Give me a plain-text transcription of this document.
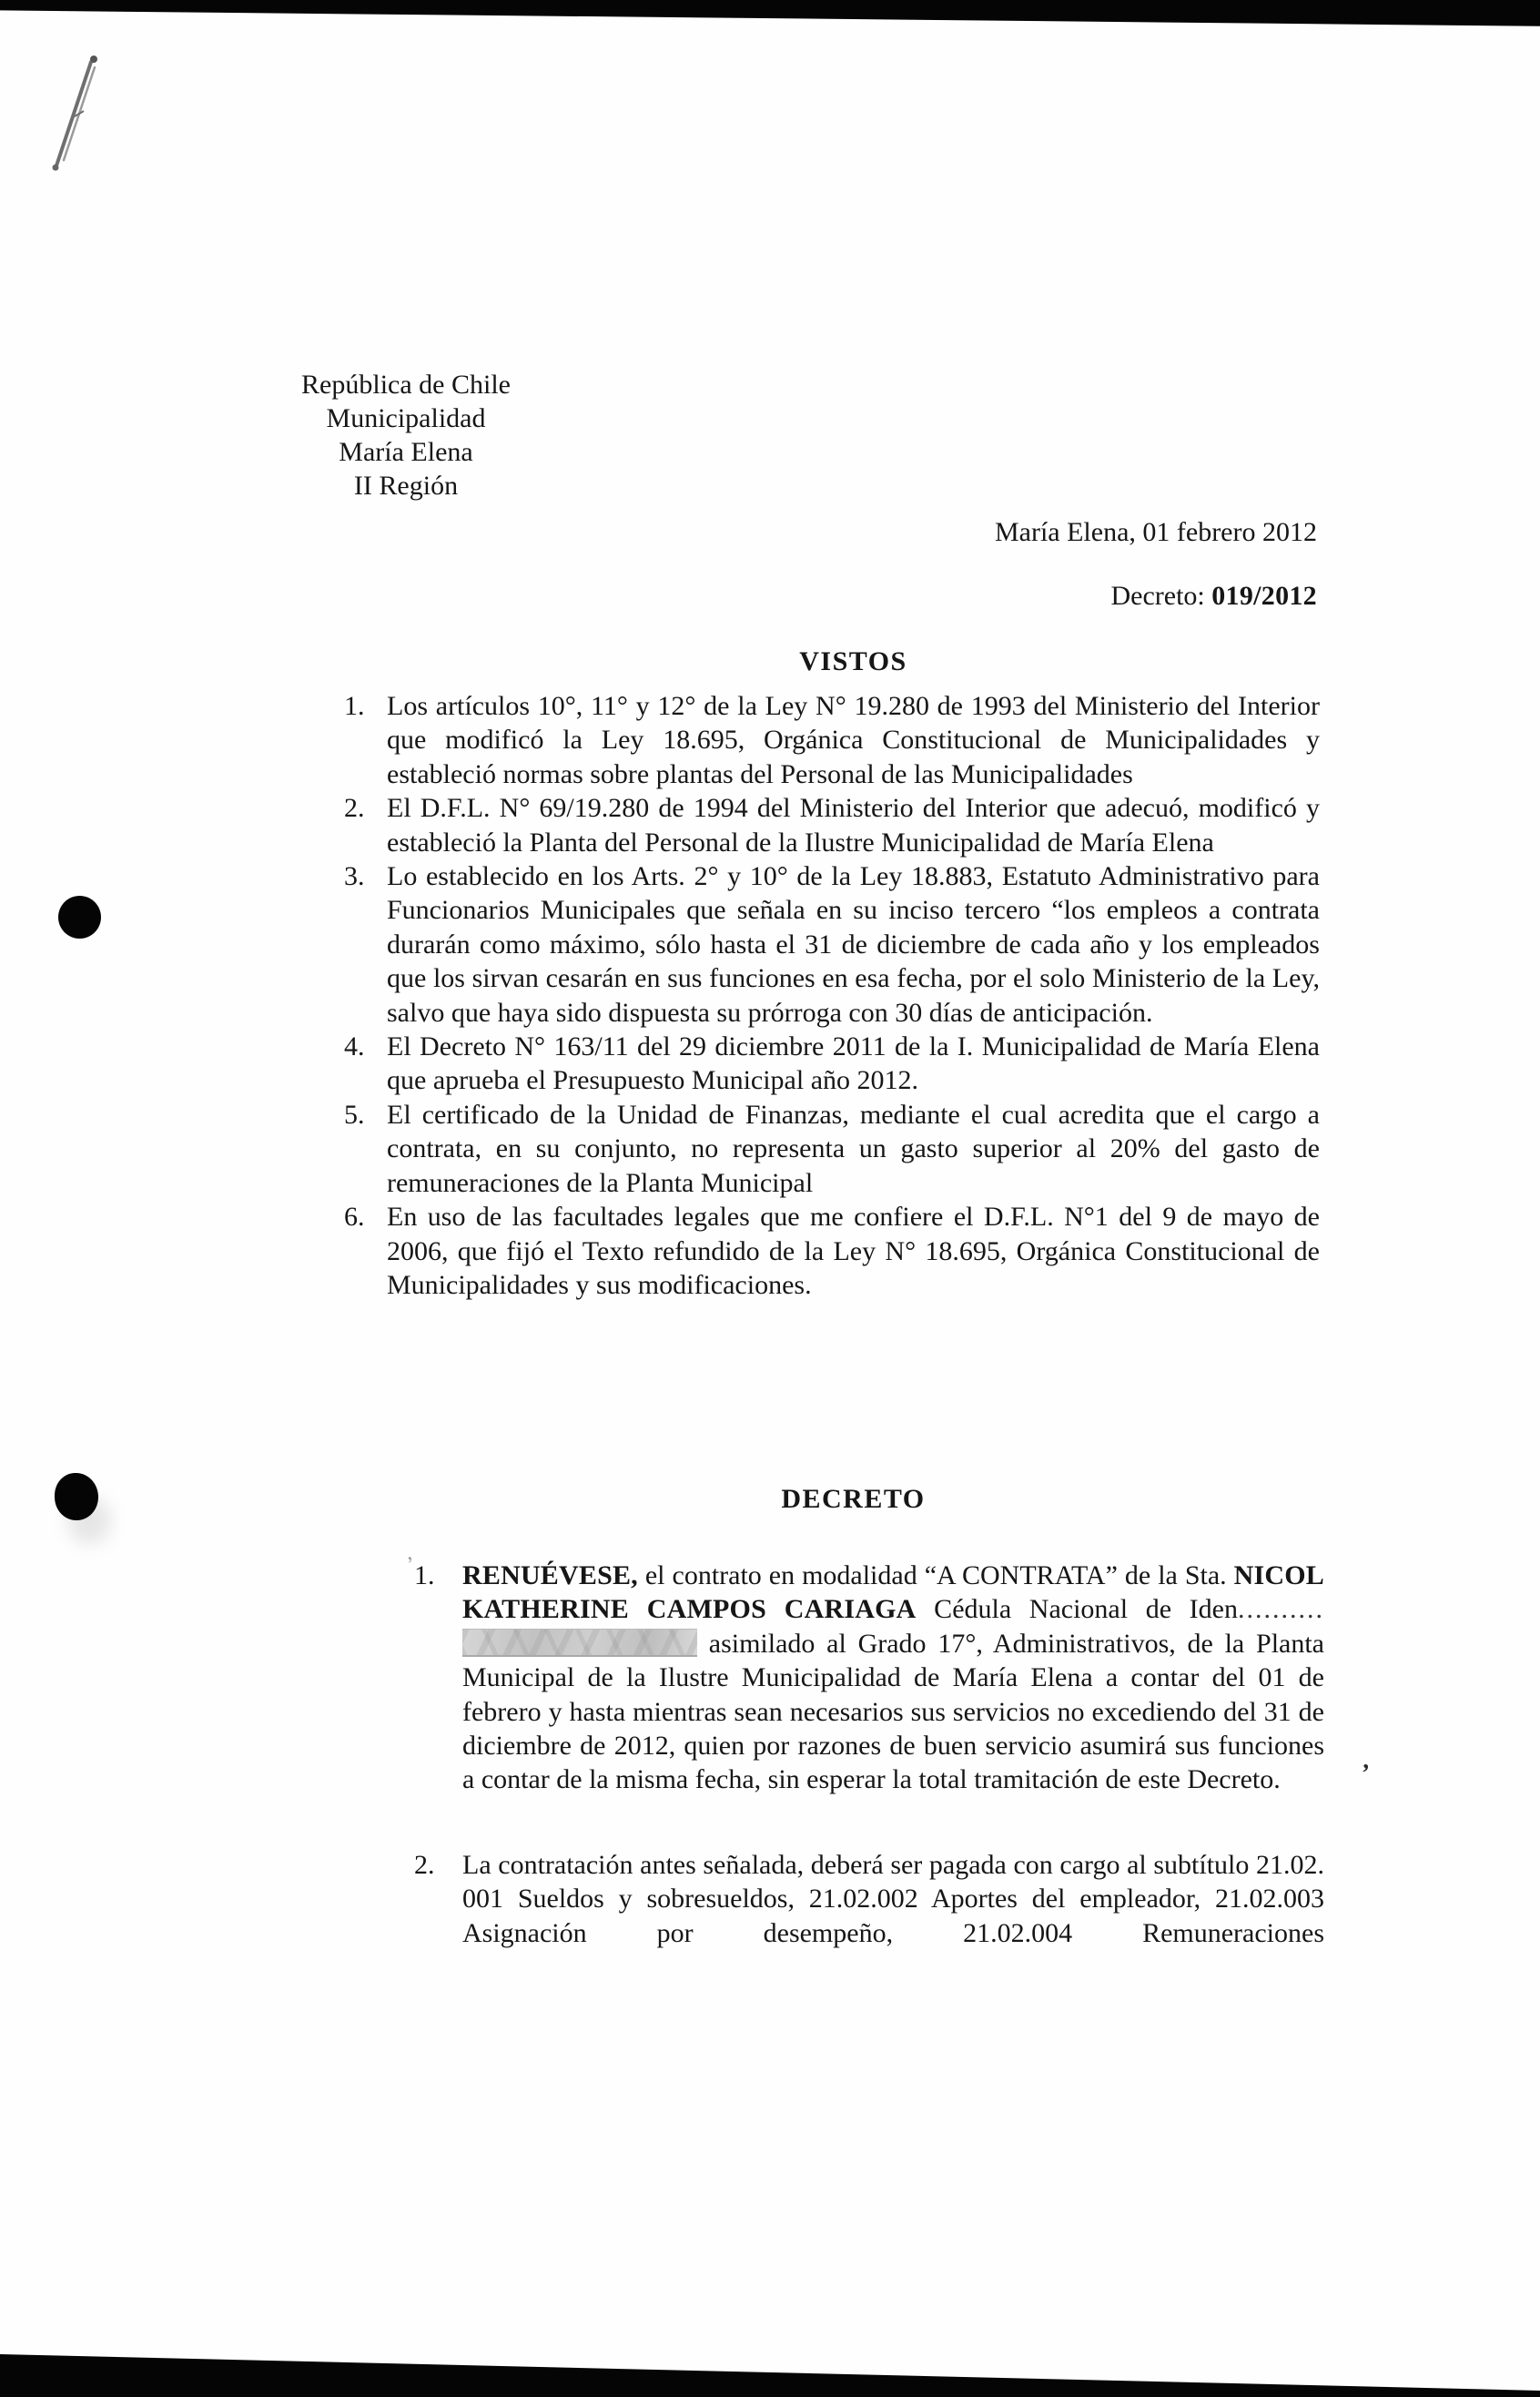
’
’
República de Chile
Municipalidad
María Elena
II Región
María Elena, 01 febrero 2012
Decreto: 019/2012
VISTOS
1. Los artículos 10°, 11° y 12° de la Ley N° 19.280 de 1993 del Ministerio del Interior que modificó la Ley 18.695, Orgánica Constitucional de Municipalidades y estableció normas sobre plantas del Personal de las Municipalidades
2. El D.F.L. N° 69/19.280 de 1994 del Ministerio del Interior que adecuó, modificó y estableció la Planta del Personal de la Ilustre Municipalidad de María Elena
3. Lo establecido en los Arts. 2° y 10° de la Ley 18.883, Estatuto Administrativo para Funcionarios Municipales que señala en su inciso tercero “los empleos a contrata durarán como máximo, sólo hasta el 31 de diciembre de cada año y los empleados que los sirvan cesarán en sus funciones en esa fecha, por el solo Ministerio de la Ley, salvo que haya sido dispuesta su prórroga con 30 días de anticipación.
4. El Decreto N° 163/11 del 29 diciembre 2011 de la I. Municipalidad de María Elena que aprueba el Presupuesto Municipal año 2012.
5. El certificado de la Unidad de Finanzas, mediante el cual acredita que el cargo a contrata, en su conjunto, no representa un gasto superior al 20% del gasto de remuneraciones de la Planta Municipal
6. En uso de las facultades legales que me confiere el D.F.L. N°1 del 9 de mayo de 2006, que fijó el Texto refundido de la Ley N° 18.695, Orgánica Constitucional de Municipalidades y sus modificaciones.
DECRETO
1.	RENUÉVESE, el contrato en modalidad “A CONTRATA” de la Sta. NICOL KATHERINE CAMPOS CARIAGA Cédula Nacional de Iden.......... asimilado al Grado 17°, Administrativos, de la Planta Municipal de la Ilustre Municipalidad de María Elena a contar del 01 de febrero y hasta mientras sean necesarios sus servicios no excediendo del 31 de diciembre de 2012, quien por razones de buen servicio asumirá sus funciones a contar de la misma fecha, sin esperar la total tramitación de este Decreto.
2.	La contratación antes señalada, deberá ser pagada con cargo al subtítulo 21.02. 001 Sueldos y sobresueldos, 21.02.002 Aportes del empleador, 21.02.003 Asignación por desempeño, 21.02.004 Remuneraciones
